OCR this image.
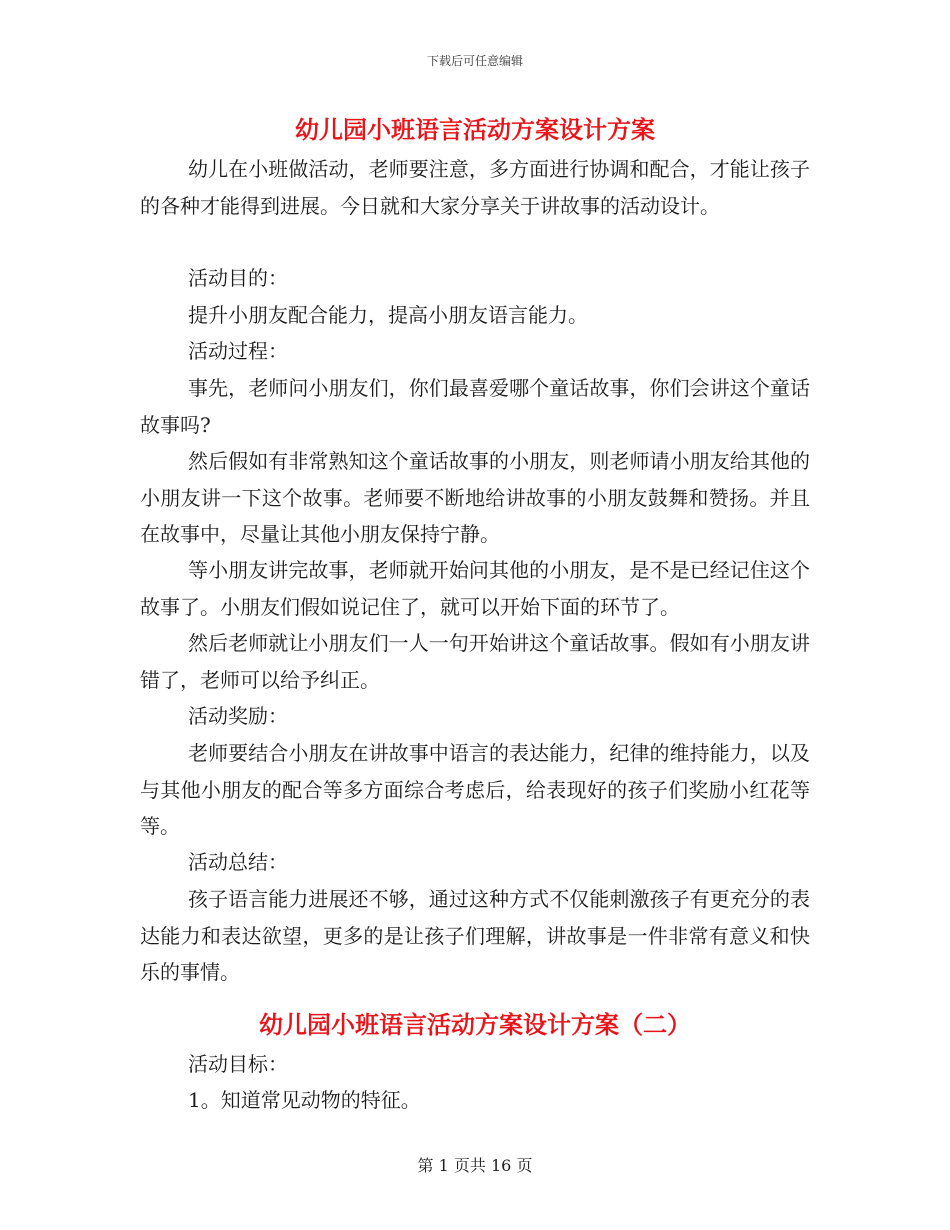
下载后可任意编辑
幼儿园小班语言活动方案设计方案

幼儿在小班做活动，老师要注意，多方面进行协调和配合，才能让孩子的各种才能得到进展。今日就和大家分享关于讲故事的活动设计。

活动目的：

提升小朋友配合能力，提高小朋友语言能力。

活动过程：

事先，老师问小朋友们，你们最喜爱哪个童话故事，你们会讲这个童话故事吗?

然后假如有非常熟知这个童话故事的小朋友，则老师请小朋友给其他的小朋友讲一下这个故事。老师要不断地给讲故事的小朋友鼓舞和赞扬。并且在故事中，尽量让其他小朋友保持宁静。

等小朋友讲完故事，老师就开始问其他的小朋友，是不是已经记住这个故事了。小朋友们假如说记住了，就可以开始下面的环节了。

然后老师就让小朋友们一人一句开始讲这个童话故事。假如有小朋友讲错了，老师可以给予纠正。

活动奖励：

老师要结合小朋友在讲故事中语言的表达能力，纪律的维持能力，以及与其他小朋友的配合等多方面综合考虑后，给表现好的孩子们奖励小红花等等。

活动总结：

孩子语言能力进展还不够，通过这种方式不仅能刺激孩子有更充分的表达能力和表达欲望，更多的是让孩子们理解，讲故事是一件非常有意义和快乐的事情。

幼儿园小班语言活动方案设计方案（二）

活动目标：

1。知道常见动物的特征。

第 1 页共 16 页
